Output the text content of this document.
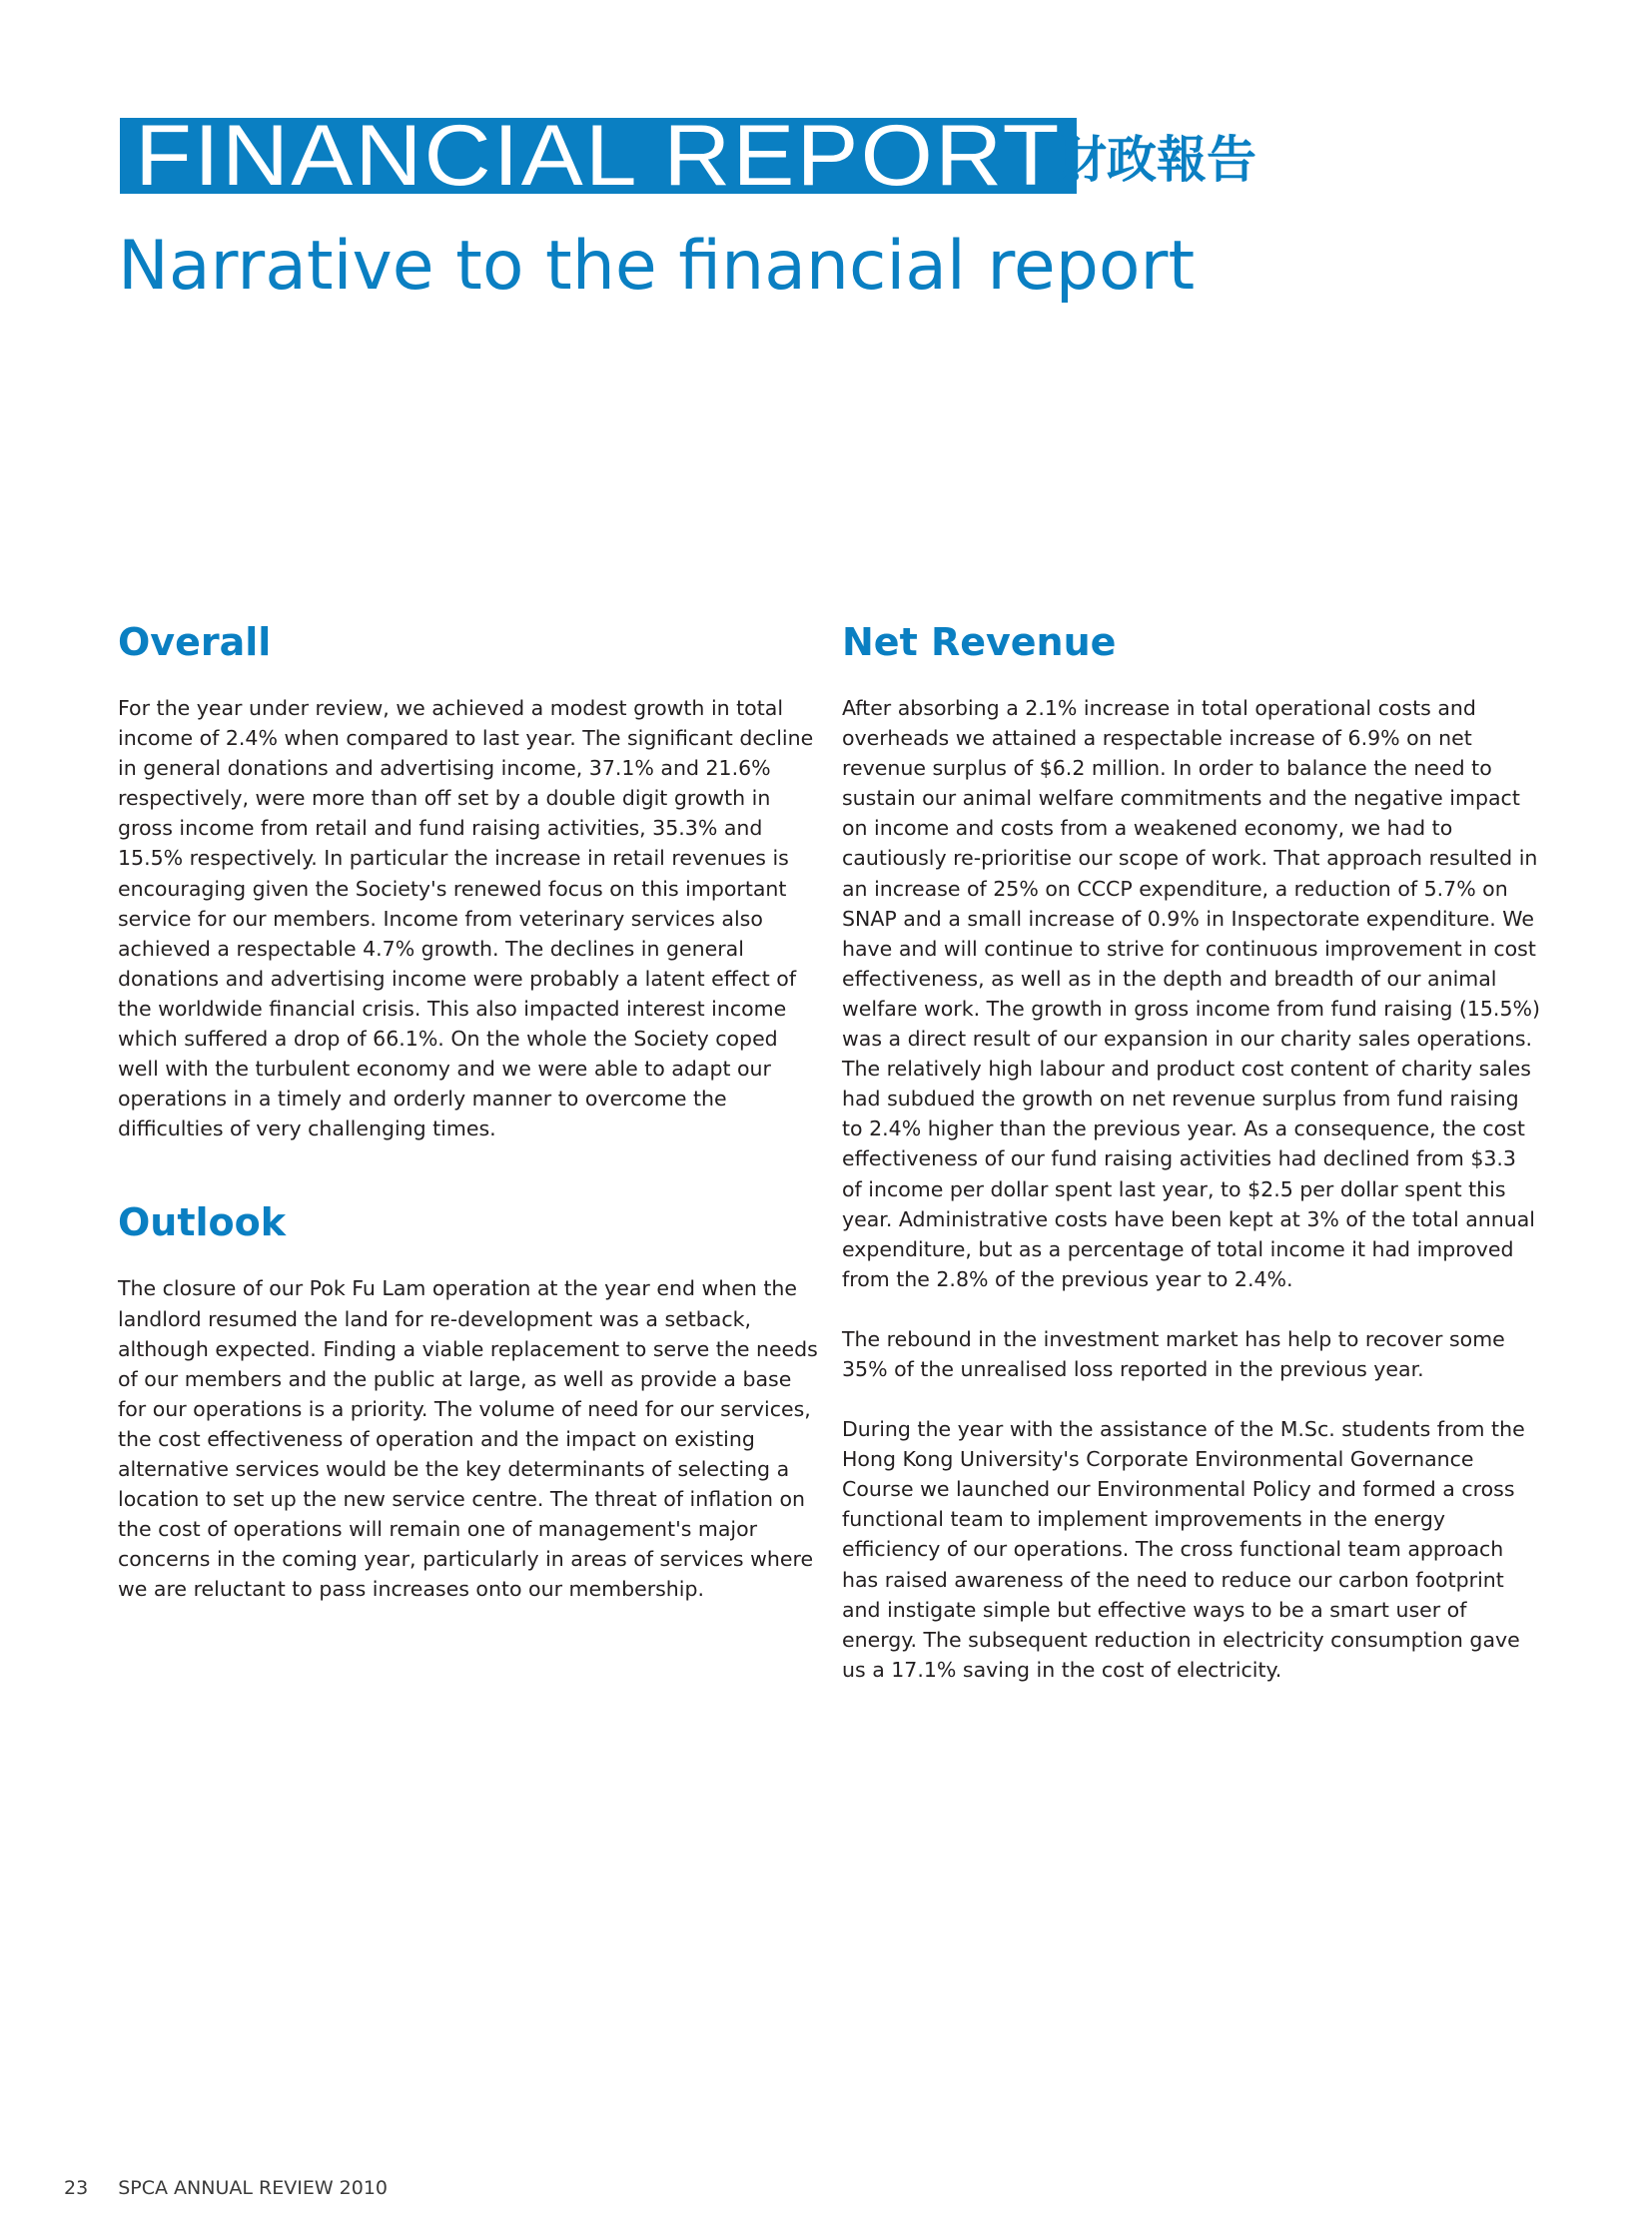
FINANCIAL REPORT
財政報告
Narrative to the financial report
Overall

For the year under review, we achieved a modest growth in total income of 2.4% when compared to last year. The significant decline in general donations and advertising income, 37.1% and 21.6% respectively, were more than off set by a double digit growth in gross income from retail and fund raising activities, 35.3% and 15.5% respectively. In particular the increase in retail revenues is encouraging given the Society's renewed focus on this important service for our members. Income from veterinary services also achieved a respectable 4.7% growth. The declines in general donations and advertising income were probably a latent effect of the worldwide financial crisis. This also impacted interest income which suffered a drop of 66.1%. On the whole the Society coped well with the turbulent economy and we were able to adapt our operations in a timely and orderly manner to overcome the difficulties of very challenging times.

Outlook

The closure of our Pok Fu Lam operation at the year end when the landlord resumed the land for re-development was a setback, although expected. Finding a viable replacement to serve the needs of our members and the public at large, as well as provide a base for our operations is a priority. The volume of need for our services, the cost effectiveness of operation and the impact on existing alternative services would be the key determinants of selecting a location to set up the new service centre. The threat of inflation on the cost of operations will remain one of management's major concerns in the coming year, particularly in areas of services where we are reluctant to pass increases onto our membership.

Net Revenue

After absorbing a 2.1% increase in total operational costs and overheads we attained a respectable increase of 6.9% on net revenue surplus of $6.2 million. In order to balance the need to sustain our animal welfare commitments and the negative impact on income and costs from a weakened economy, we had to cautiously re-prioritise our scope of work. That approach resulted in an increase of 25% on CCCP expenditure, a reduction of 5.7% on SNAP and a small increase of 0.9% in Inspectorate expenditure. We have and will continue to strive for continuous improvement in cost effectiveness, as well as in the depth and breadth of our animal welfare work. The growth in gross income from fund raising (15.5%) was a direct result of our expansion in our charity sales operations. The relatively high labour and product cost content of charity sales had subdued the growth on net revenue surplus from fund raising to 2.4% higher than the previous year. As a consequence, the cost effectiveness of our fund raising activities had declined from $3.3 of income per dollar spent last year, to $2.5 per dollar spent this year. Administrative costs have been kept at 3% of the total annual expenditure, but as a percentage of total income it had improved from the 2.8% of the previous year to 2.4%.

The rebound in the investment market has help to recover some 35% of the unrealised loss reported in the previous year.

During the year with the assistance of the M.Sc. students from the Hong Kong University's Corporate Environmental Governance Course we launched our Environmental Policy and formed a cross functional team to implement improvements in the energy efficiency of our operations. The cross functional team approach has raised awareness of the need to reduce our carbon footprint and instigate simple but effective ways to be a smart user of energy. The subsequent reduction in electricity consumption gave us a 17.1% saving in the cost of electricity.

23 SPCA ANNUAL REVIEW 2010
